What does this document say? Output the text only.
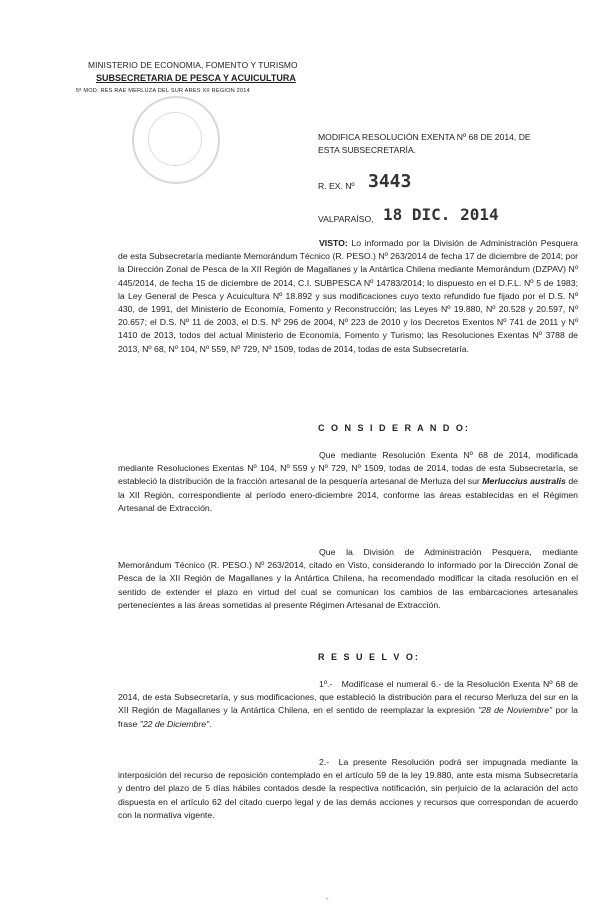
MINISTERIO DE ECONOMIA, FOMENTO Y TURISMO
SUBSECRETARIA DE PESCA Y ACUICULTURA
5ª MOD. RES RAE MERLUZA DEL SUR ARES XII REGION 2014
MODIFICA RESOLUCIÓN EXENTA Nº 68 DE 2014, DE
ESTA SUBSECRETARÍA.
R. EX. Nº 3443
VALPARAÍSO, 18 DIC. 2014
VISTO: Lo informado por la División de Administración Pesquera de esta Subsecretaría mediante Memorándum Técnico (R. PESO.) Nº 263/2014 de fecha 17 de diciembre de 2014; por la Dirección Zonal de Pesca de la XII Región de Magallanes y la Antártica Chilena mediante Memorándum (DZPAV) Nº 445/2014, de fecha 15 de diciembre de 2014, C.I. SUBPESCA Nº 14783/2014; lo dispuesto en el D.F.L. Nº 5 de 1983; la Ley General de Pesca y Acuicultura Nº 18.892 y sus modificaciones cuyo texto refundido fue fijado por el D.S. Nº 430, de 1991, del Ministerio de Economía, Fomento y Reconstrucción; las Leyes Nº 19.880, Nº 20.528 y 20.597, Nº 20.657; el D.S. Nº 11 de 2003, el D.S. Nº 296 de 2004, Nº 223 de 2010 y los Decretos Exentos Nº 741 de 2011 y Nº 1410 de 2013, todos del actual Ministerio de Economía, Fomento y Turismo; las Resoluciones Exentas Nº 3788 de 2013, Nº 68, Nº 104, Nº 559, Nº 729, Nº 1509, todas de 2014, todas de esta Subsecretaría.
C O N S I D E R A N D O:
Que mediante Resolución Exenta Nº 68 de 2014, modificada mediante Resoluciones Exentas Nº 104, Nº 559 y Nº 729, Nº 1509, todas de 2014, todas de esta Subsecretaría, se estableció la distribución de la fracción artesanal de la pesquería artesanal de Merluza del sur Merluccius australis de la XII Región, correspondiente al período enero-diciembre 2014, conforme las áreas establecidas en el Régimen Artesanal de Extracción.
Que la División de Administración Pesquera, mediante Memorándum Técnico (R. PESO.) Nº 263/2014, citado en Visto, considerando lo informado por la Dirección Zonal de Pesca de la XII Región de Magallanes y la Antártica Chilena, ha recomendado modificar la citada resolución en el sentido de extender el plazo en virtud del cual se comunican los cambios de las embarcaciones artesanales pertenecientes a las áreas sometidas al presente Régimen Artesanal de Extracción.
R E S U E L V O:
1º.- Modifícase el numeral 6.- de la Resolución Exenta Nº 68 de 2014, de esta Subsecretaría, y sus modificaciones, que estableció la distribución para el recurso Merluza del sur en la XII Región de Magallanes y la Antártica Chilena, en el sentido de reemplazar la expresión "28 de Noviembre" por la frase "22 de Diciembre".
2.- La presente Resolución podrá ser impugnada mediante la interposición del recurso de reposición contemplado en el artículo 59 de la ley 19.880, ante esta misma Subsecretaría y dentro del plazo de 5 días hábiles contados desde la respectiva notificación, sin perjuicio de la aclaración del acto dispuesta en el artículo 62 del citado cuerpo legal y de las demás acciones y recursos que correspondan de acuerdo con la normativa vigente.
-
